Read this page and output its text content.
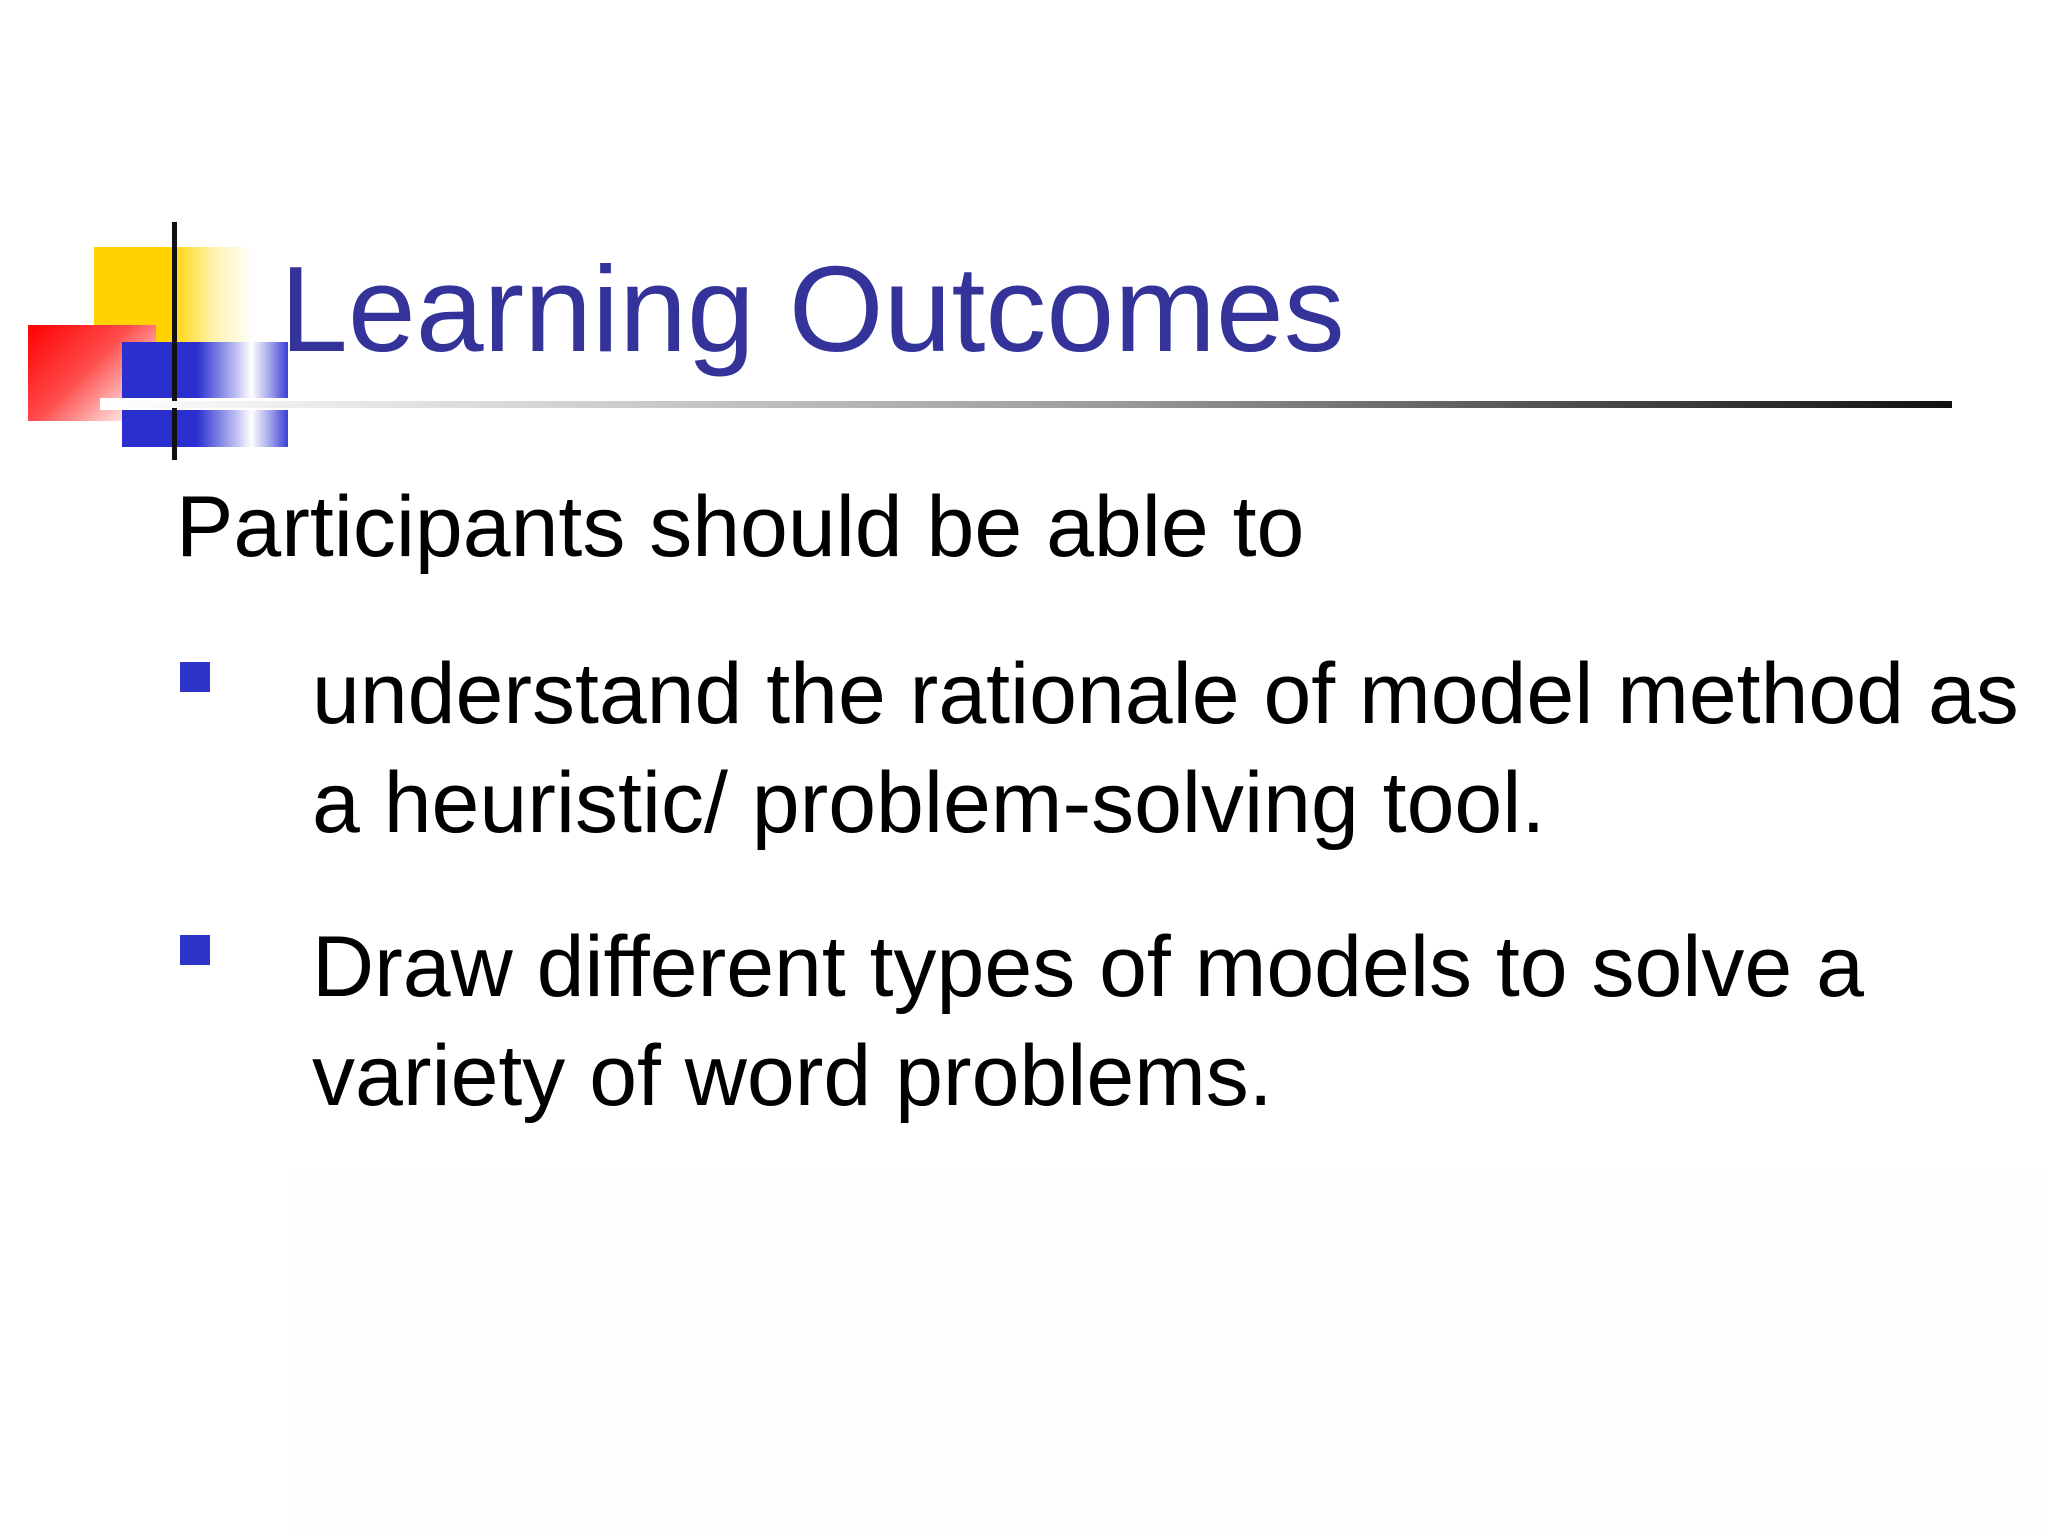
Learning Outcomes

Participants should be able to

understand the rationale of model method as a heuristic/ problem-solving tool.

Draw different types of models to solve a variety of word problems.
